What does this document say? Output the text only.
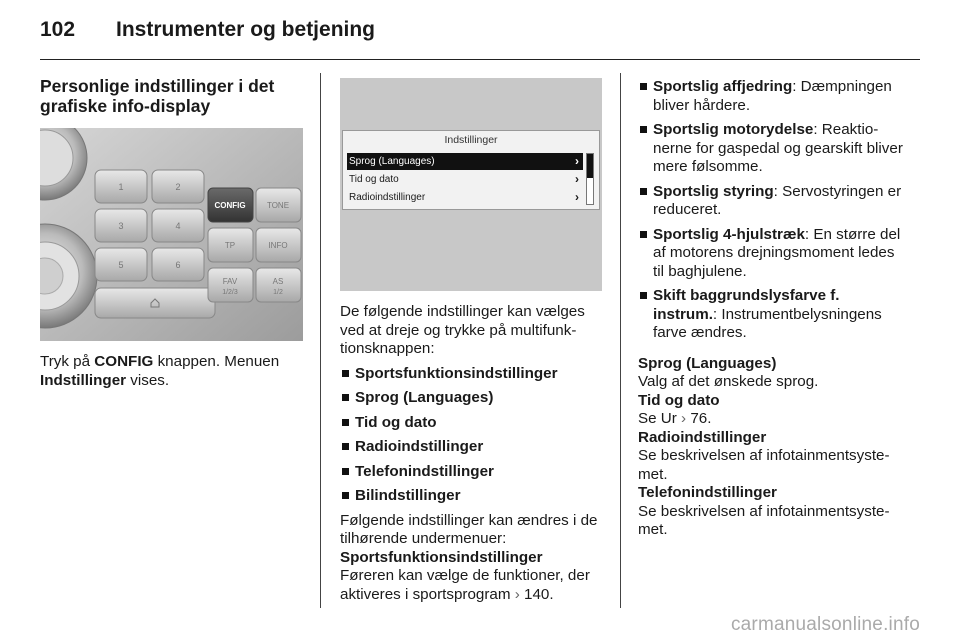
102 Instrumenter og betjening
Personlige indstillinger i det grafiske info-display
1	2
3	4
5	6
CONFIG	TONE
TP	INFO
FAV
1/2/3
AS
1/2

Tryk på CONFIG knappen. Menuen Indstillinger vises.

Indstillinger
Sprog (Languages)	›
Tid og dato	›
Radioindstillinger	›

De følgende indstillinger kan vælges ved at dreje og trykke på multifunktionsknappen:

Sportsfunktionsindstillinger
Sprog (Languages)
Tid og dato
Radioindstillinger
Telefonindstillinger
Bilindstillinger

Følgende indstillinger kan ændres i de tilhørende undermenuer:

Sportsfunktionsindstillinger

Føreren kan vælge de funktioner, der aktiveres i sportsprogram › 140.

Sportslig affjedring: Dæmpningen bliver hårdere.
Sportslig motorydelse: Reaktionerne for gaspedal og gearskift bliver mere følsomme.
Sportslig styring: Servostyringen er reduceret.
Sportslig 4-hjulstræk: En større del af motorens drejningsmoment ledes til baghjulene.
Skift baggrundslysfarve f. instrum.: Instrumentbelysningens farve ændres.

Sprog (Languages)

Valg af det ønskede sprog.

Tid og dato

Se Ur › 76.

Radioindstillinger

Se beskrivelsen af infotainmentsystemet.

Telefonindstillinger

Se beskrivelsen af infotainmentsystemet.

carmanualsonline.info
